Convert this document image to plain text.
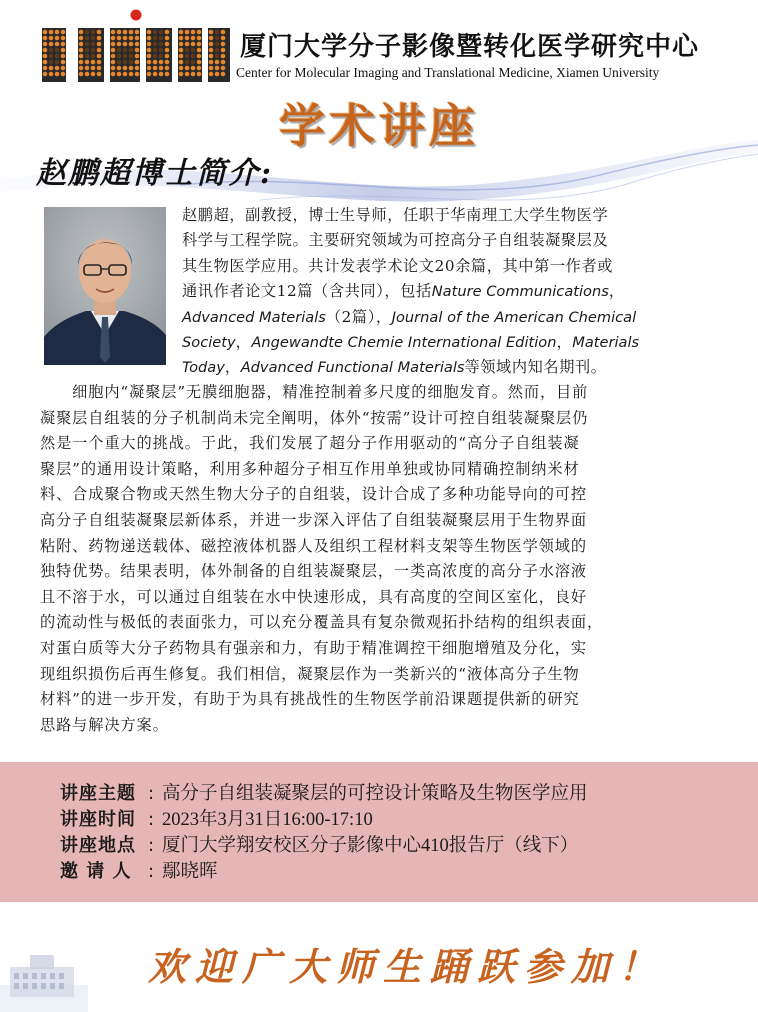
厦门大学分子影像暨转化医学研究中心
Center for Molecular Imaging and Translational Medicine, Xiamen University
学术讲座
赵鹏超博士简介:
赵鹏超，副教授，博士生导师，任职于华南理工大学生物医学
科学与工程学院。主要研究领域为可控高分子自组装凝聚层及
其生物医学应用。共计发表学术论文20余篇，其中第一作者或
通讯作者论文12篇（含共同），包括Nature Communications，
Advanced Materials（2篇），Journal of the American Chemical
Society，Angewandte Chemie International Edition，Materials
Today，Advanced Functional Materials等领域内知名期刊。
　　细胞内“凝聚层”无膜细胞器，精准控制着多尺度的细胞发育。然而，目前
凝聚层自组装的分子机制尚未完全阐明，体外“按需”设计可控自组装凝聚层仍
然是一个重大的挑战。于此，我们发展了超分子作用驱动的“高分子自组装凝
聚层”的通用设计策略，利用多种超分子相互作用单独或协同精确控制纳米材
料、合成聚合物或天然生物大分子的自组装，设计合成了多种功能导向的可控
高分子自组装凝聚层新体系，并进一步深入评估了自组装凝聚层用于生物界面
粘附、药物递送载体、磁控液体机器人及组织工程材料支架等生物医学领域的
独特优势。结果表明，体外制备的自组装凝聚层，一类高浓度的高分子水溶液
且不溶于水，可以通过自组装在水中快速形成，具有高度的空间区室化，良好
的流动性与极低的表面张力，可以充分覆盖具有复杂微观拓扑结构的组织表面，
对蛋白质等大分子药物具有强亲和力，有助于精准调控干细胞增殖及分化，实
现组织损伤后再生修复。我们相信，凝聚层作为一类新兴的“液体高分子生物
材料”的进一步开发，有助于为具有挑战性的生物医学前沿课题提供新的研究
思路与解决方案。
讲座主题 : 高分子自组装凝聚层的可控设计策略及生物医学应用
讲座时间 : 2023年3月31日16:00-17:10
讲座地点 : 厦门大学翔安校区分子影像中心410报告厅（线下）
邀 请 人 : 鄢晓晖
欢迎广大师生踊跃参加！
